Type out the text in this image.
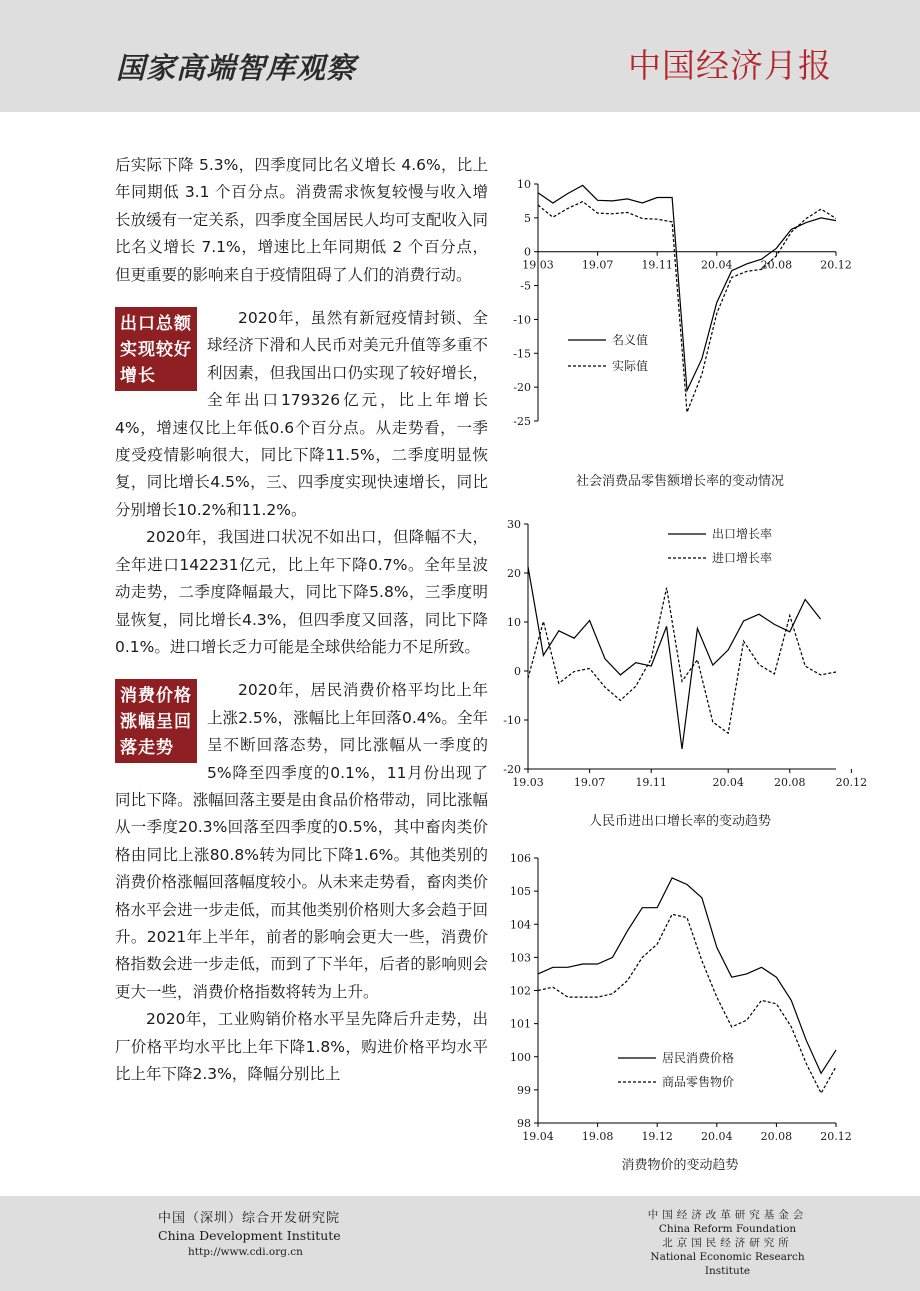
国家高端智库观察	中国经济月报

后实际下降 5.3%，四季度同比名义增长 4.6%，比上年同期低 3.1 个百分点。消费需求恢复较慢与收入增长放缓有一定关系，四季度全国居民人均可支配收入同比名义增长 7.1%，增速比上年同期低 2 个百分点，但更重要的影响来自于疫情阻碍了人们的消费行动。

出口总额实现较好增长

2020年，虽然有新冠疫情封锁、全球经济下滑和人民币对美元升值等多重不利因素，但我国出口仍实现了较好增长，全年出口179326亿元，比上年增长4%，增速仅比上年低0.6个百分点。从走势看，一季度受疫情影响很大，同比下降11.5%，二季度明显恢复，同比增长4.5%，三、四季度实现快速增长，同比分别增长10.2%和11.2%。

2020年，我国进口状况不如出口，但降幅不大，全年进口142231亿元，比上年下降0.7%。全年呈波动走势，二季度降幅最大，同比下降5.8%，三季度明显恢复，同比增长4.3%，但四季度又回落，同比下降0.1%。进口增长乏力可能是全球供给能力不足所致。

消费价格涨幅呈回落走势

2020年，居民消费价格平均比上年上涨2.5%，涨幅比上年回落0.4%。全年呈不断回落态势，同比涨幅从一季度的5%降至四季度的0.1%，11月份出现了同比下降。涨幅回落主要是由食品价格带动，同比涨幅从一季度20.3%回落至四季度的0.5%，其中畜肉类价格由同比上涨80.8%转为同比下降1.6%。其他类别的消费价格涨幅回落幅度较小。从未来走势看，畜肉类价格水平会进一步走低，而其他类别价格则大多会趋于回升。2021年上半年，前者的影响会更大一些，消费价格指数会进一步走低，而到了下半年，后者的影响则会更大一些，消费价格指数将转为上升。

2020年，工业购销价格水平呈先降后升走势，出厂价格平均水平比上年下降1.8%，购进价格平均水平比上年下降2.3%，降幅分别比上

10
5
0
-5
-10
-15
-20
-25
19.03	19.07	19.11	20.04	20.08	20.12
名义值
实际值
社会消费品零售额增长率的变动情况
30
20
10
0
-10
-20
19.03	19.07	19.11	20.04	20.08	20.12
出口增长率
进口增长率
人民币进出口增长率的变动趋势
106
105
104
103
102
101
100
99
98
19.04	19.08	19.12	20.04	20.08	20.12
居民消费价格
商品零售物价
消费物价的变动趋势
中国（深圳）综合开发研究院
China Development Institute
http://www.cdi.org.cn
中国经济改革研究基金会
China Reform Foundation
北京国民经济研究所
National Economic Research Institute
